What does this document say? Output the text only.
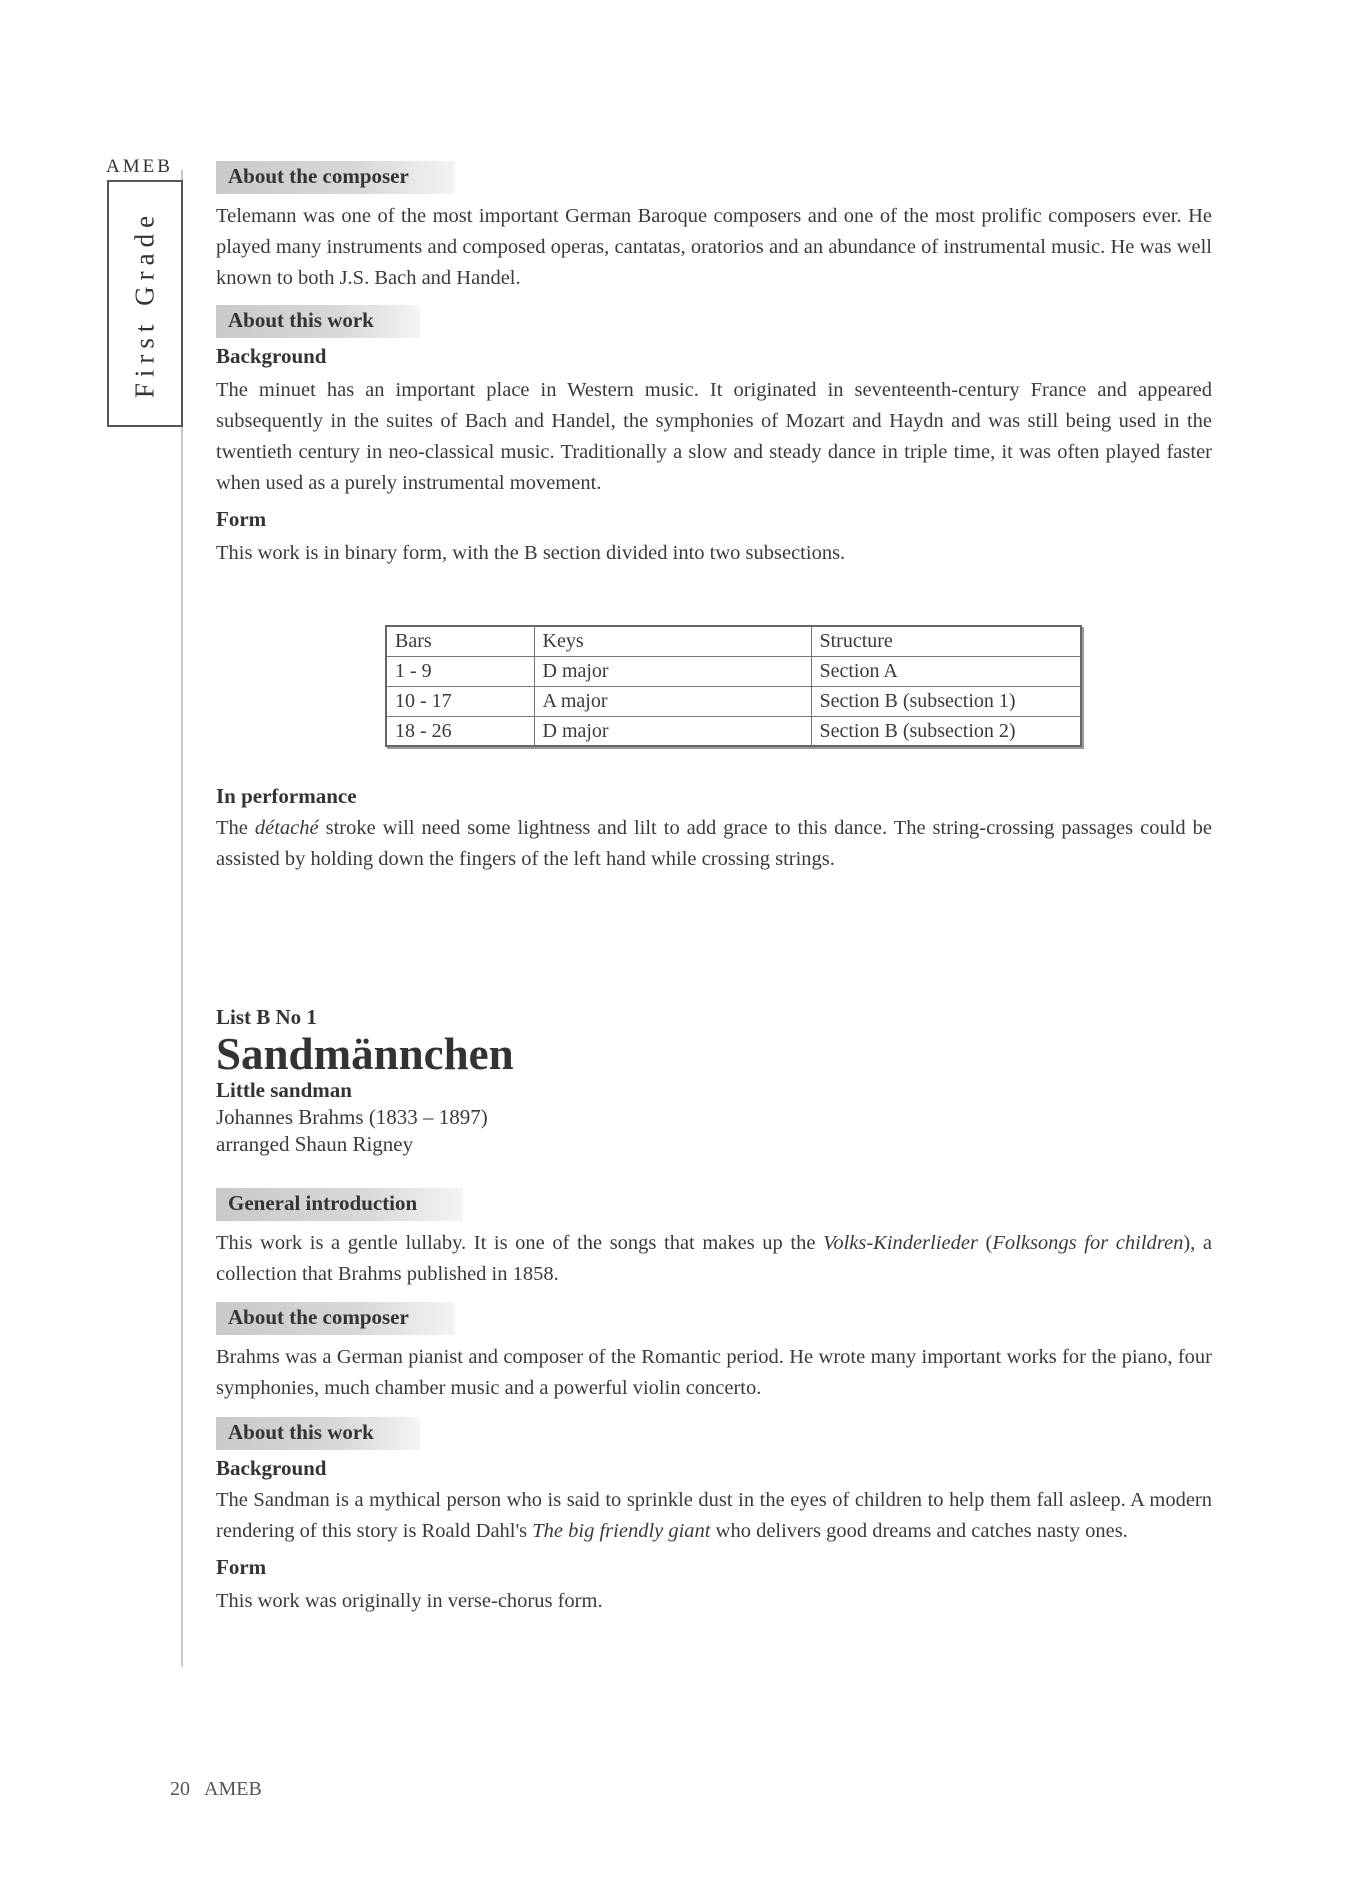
AMEB
First Grade
About the composer
Telemann was one of the most important German Baroque composers and one of the most prolific composers ever. He played many instruments and composed operas, cantatas, oratorios and an abundance of instrumental music. He was well known to both J.S. Bach and Handel.
About this work
Background
The minuet has an important place in Western music. It originated in seventeenth-century France and appeared subsequently in the suites of Bach and Handel, the symphonies of Mozart and Haydn and was still being used in the twentieth century in neo-classical music. Traditionally a slow and steady dance in triple time, it was often played faster when used as a purely instrumental movement.
Form
This work is in binary form, with the B section divided into two subsections.
Bars	Keys	Structure
1 - 9	D major	Section A
10 - 17	A major	Section B (subsection 1)
18 - 26	D major	Section B (subsection 2)
In performance
The détaché stroke will need some lightness and lilt to add grace to this dance. The string-crossing passages could be assisted by holding down the fingers of the left hand while crossing strings.
List B No 1
Sandmännchen
Little sandman
Johannes Brahms (1833 – 1897)
arranged Shaun Rigney
General introduction
This work is a gentle lullaby. It is one of the songs that makes up the Volks-Kinderlieder (Folksongs for children), a collection that Brahms published in 1858.
About the composer
Brahms was a German pianist and composer of the Romantic period. He wrote many important works for the piano, four symphonies, much chamber music and a powerful violin concerto.
About this work
Background
The Sandman is a mythical person who is said to sprinkle dust in the eyes of children to help them fall asleep. A modern rendering of this story is Roald Dahl's The big friendly giant who delivers good dreams and catches nasty ones.
Form
This work was originally in verse-chorus form.
20 AMEB
